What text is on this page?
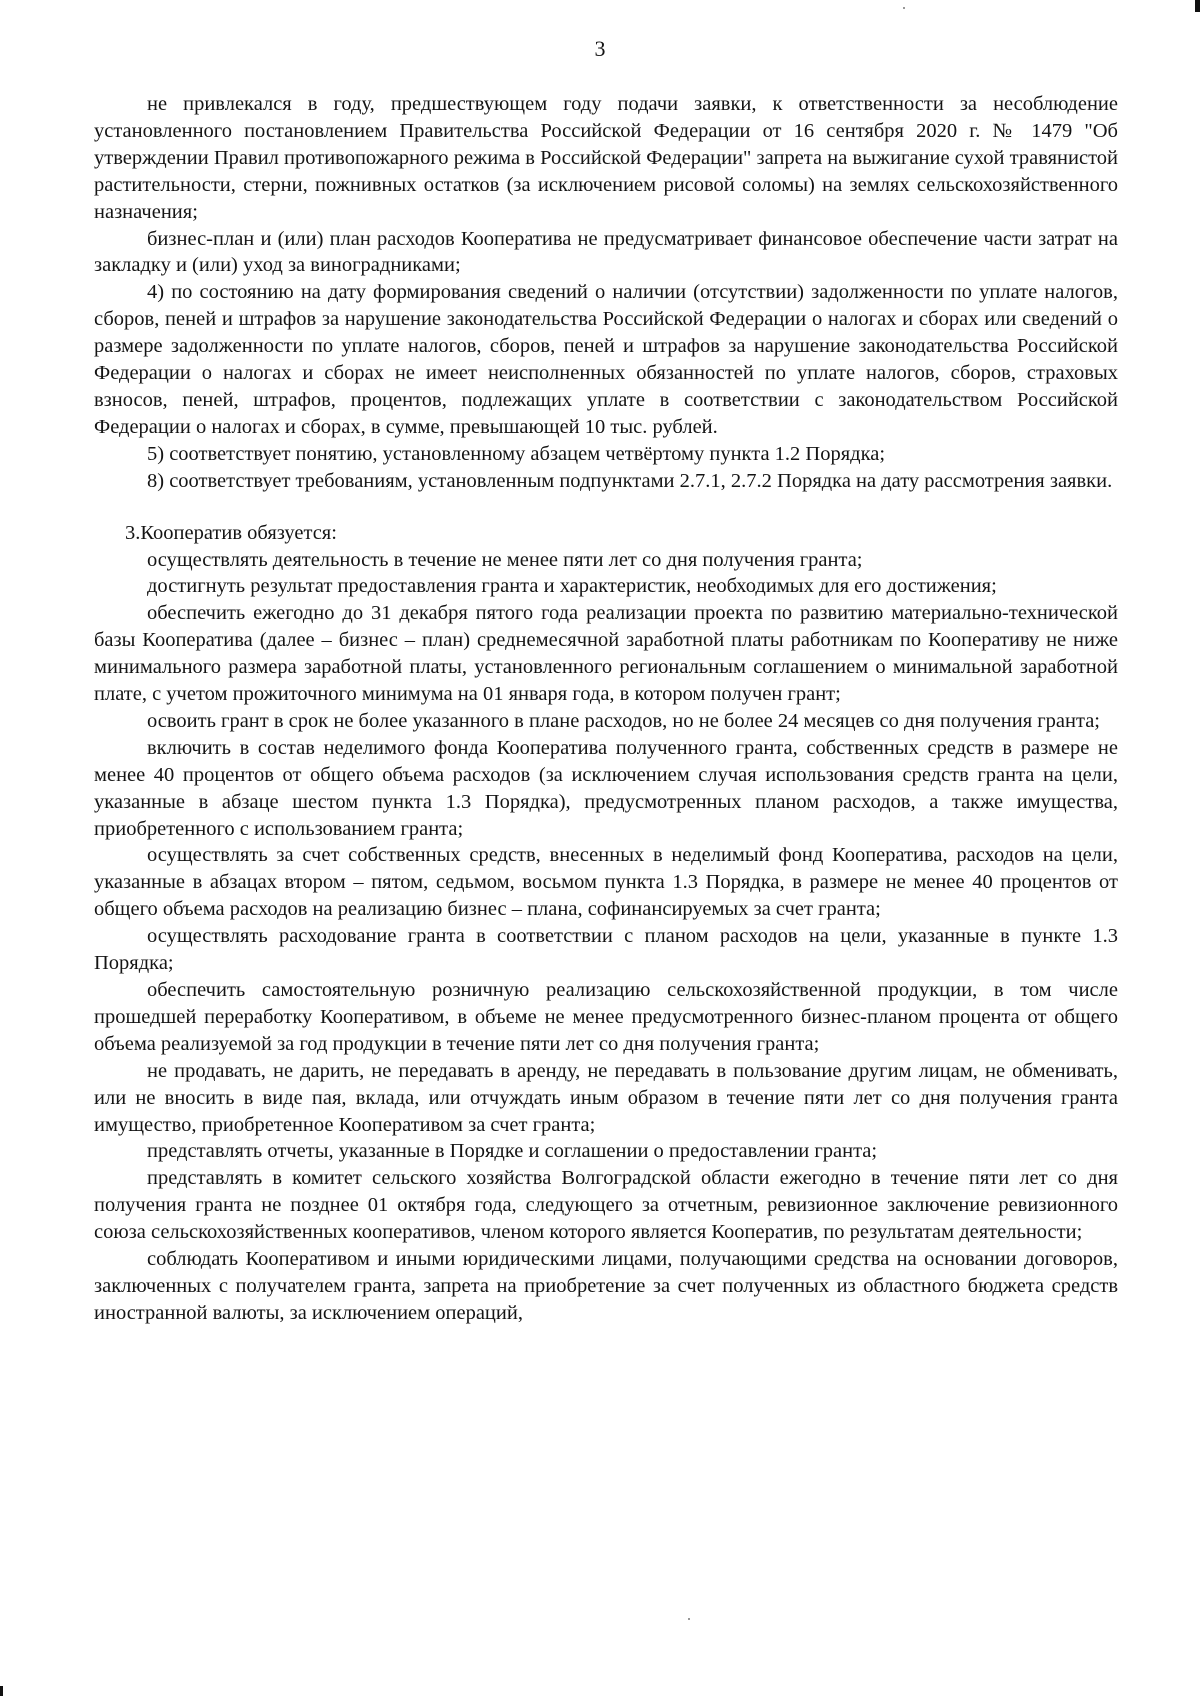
3

не привлекался в году, предшествующем году подачи заявки, к ответственности за несоблюдение установленного постановлением Правительства Российской Федерации от 16 сентября 2020 г. № 1479 "Об утверждении Правил противопожарного режима в Российской Федерации" запрета на выжигание сухой травянистой растительности, стерни, пожнивных остатков (за исключением рисовой соломы) на землях сельскохозяйственного назначения;

бизнес-план и (или) план расходов Кооператива не предусматривает финансовое обеспечение части затрат на закладку и (или) уход за виноградниками;

4) по состоянию на дату формирования сведений о наличии (отсутствии) задолженности по уплате налогов, сборов, пеней и штрафов за нарушение законодательства Российской Федерации о налогах и сборах или сведений о размере задолженности по уплате налогов, сборов, пеней и штрафов за нарушение законодательства Российской Федерации о налогах и сборах не имеет неисполненных обязанностей по уплате налогов, сборов, страховых взносов, пеней, штрафов, процентов, подлежащих уплате в соответствии с законодательством Российской Федерации о налогах и сборах, в сумме, превышающей 10 тыс. рублей.

5) соответствует понятию, установленному абзацем четвёртому пункта 1.2 Порядка;

8) соответствует требованиям, установленным подпунктами 2.7.1, 2.7.2 Порядка на дату рассмотрения заявки.

3.Кооператив обязуется:

осуществлять деятельность в течение не менее пяти лет со дня получения гранта;

достигнуть результат предоставления гранта и характеристик, необходимых для его достижения;

обеспечить ежегодно до 31 декабря пятого года реализации проекта по развитию материально-технической базы Кооператива (далее – бизнес – план) среднемесячной заработной платы работникам по Кооперативу не ниже минимального размера заработной платы, установленного региональным соглашением о минимальной заработной плате, с учетом прожиточного минимума на 01 января года, в котором получен грант;

освоить грант в срок не более указанного в плане расходов, но не более 24 месяцев со дня получения гранта;

включить в состав неделимого фонда Кооператива полученного гранта, собственных средств в размере не менее 40 процентов от общего объема расходов (за исключением случая использования средств гранта на цели, указанные в абзаце шестом пункта 1.3 Порядка), предусмотренных планом расходов, а также имущества, приобретенного с использованием гранта;

осуществлять за счет собственных средств, внесенных в неделимый фонд Кооператива, расходов на цели, указанные в абзацах втором – пятом, седьмом, восьмом пункта 1.3 Порядка, в размере не менее 40 процентов от общего объема расходов на реализацию бизнес – плана, софинансируемых за счет гранта;

осуществлять расходование гранта в соответствии с планом расходов на цели, указанные в пункте 1.3 Порядка;

обеспечить самостоятельную розничную реализацию сельскохозяйственной продукции, в том числе прошедшей переработку Кооперативом, в объеме не менее предусмотренного бизнес-планом процента от общего объема реализуемой за год продукции в течение пяти лет со дня получения гранта;

не продавать, не дарить, не передавать в аренду, не передавать в пользование другим лицам, не обменивать, или не вносить в виде пая, вклада, или отчуждать иным образом в течение пяти лет со дня получения гранта имущество, приобретенное Кооперативом за счет гранта;

представлять отчеты, указанные в Порядке и соглашении о предоставлении гранта;

представлять в комитет сельского хозяйства Волгоградской области ежегодно в течение пяти лет со дня получения гранта не позднее 01 октября года, следующего за отчетным, ревизионное заключение ревизионного союза сельскохозяйственных кооперативов, членом которого является Кооператив, по результатам деятельности;

соблюдать Кооперативом и иными юридическими лицами, получающими средства на основании договоров, заключенных с получателем гранта, запрета на приобретение за счет полученных из областного бюджета средств иностранной валюты, за исключением операций,
